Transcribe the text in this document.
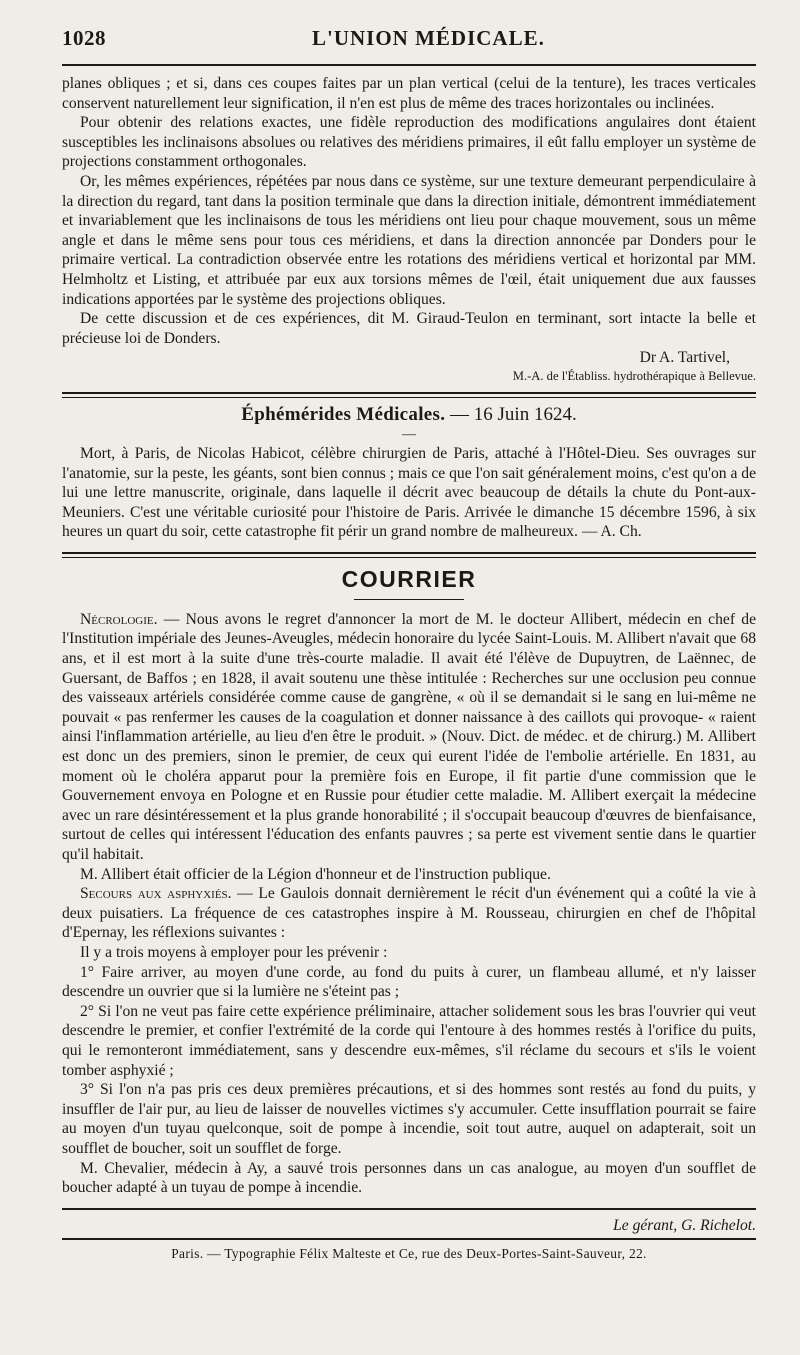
1028	L'UNION MÉDICALE.

planes obliques ; et si, dans ces coupes faites par un plan vertical (celui de la tenture), les traces verticales conservent naturellement leur signification, il n'en est plus de même des traces horizontales ou inclinées.

Pour obtenir des relations exactes, une fidèle reproduction des modifications angulaires dont étaient susceptibles les inclinaisons absolues ou relatives des méridiens primaires, il eût fallu employer un système de projections constamment orthogonales.

Or, les mêmes expériences, répétées par nous dans ce système, sur une texture demeurant perpendiculaire à la direction du regard, tant dans la position terminale que dans la direction initiale, démontrent immédiatement et invariablement que les inclinaisons de tous les méridiens ont lieu pour chaque mouvement, sous un même angle et dans le même sens pour tous ces méridiens, et dans la direction annoncée par Donders pour le primaire vertical. La contradiction observée entre les rotations des méridiens vertical et horizontal par MM. Helmholtz et Listing, et attribuée par eux aux torsions mêmes de l'œil, était uniquement due aux fausses indications apportées par le système des projections obliques.

De cette discussion et de ces expériences, dit M. Giraud-Teulon en terminant, sort intacte la belle et précieuse loi de Donders.

Dr A. Tartivel,
M.-A. de l'Établiss. hydrothérapique à Bellevue.
Éphémérides Médicales. — 16 Juin 1624.
—

Mort, à Paris, de Nicolas Habicot, célèbre chirurgien de Paris, attaché à l'Hôtel-Dieu. Ses ouvrages sur l'anatomie, sur la peste, les géants, sont bien connus ; mais ce que l'on sait généralement moins, c'est qu'on a de lui une lettre manuscrite, originale, dans laquelle il décrit avec beaucoup de détails la chute du Pont-aux-Meuniers. C'est une véritable curiosité pour l'histoire de Paris. Arrivée le dimanche 15 décembre 1596, à six heures un quart du soir, cette catastrophe fit périr un grand nombre de malheureux. — A. Ch.

COURRIER

Nécrologie. — Nous avons le regret d'annoncer la mort de M. le docteur Allibert, médecin en chef de l'Institution impériale des Jeunes-Aveugles, médecin honoraire du lycée Saint-Louis. M. Allibert n'avait que 68 ans, et il est mort à la suite d'une très-courte maladie. Il avait été l'élève de Dupuytren, de Laënnec, de Guersant, de Baffos ; en 1828, il avait soutenu une thèse intitulée : Recherches sur une occlusion peu connue des vaisseaux artériels considérée comme cause de gangrène, « où il se demandait si le sang en lui-même ne pouvait « pas renfermer les causes de la coagulation et donner naissance à des caillots qui provoque- « raient ainsi l'inflammation artérielle, au lieu d'en être le produit. » (Nouv. Dict. de médec. et de chirurg.) M. Allibert est donc un des premiers, sinon le premier, de ceux qui eurent l'idée de l'embolie artérielle. En 1831, au moment où le choléra apparut pour la première fois en Europe, il fit partie d'une commission que le Gouvernement envoya en Pologne et en Russie pour étudier cette maladie. M. Allibert exerçait la médecine avec un rare désintéressement et la plus grande honorabilité ; il s'occupait beaucoup d'œuvres de bienfaisance, surtout de celles qui intéressent l'éducation des enfants pauvres ; sa perte est vivement sentie dans le quartier qu'il habitait.

M. Allibert était officier de la Légion d'honneur et de l'instruction publique.

Secours aux asphyxiés. — Le Gaulois donnait dernièrement le récit d'un événement qui a coûté la vie à deux puisatiers. La fréquence de ces catastrophes inspire à M. Rousseau, chirurgien en chef de l'hôpital d'Epernay, les réflexions suivantes :

Il y a trois moyens à employer pour les prévenir :

1° Faire arriver, au moyen d'une corde, au fond du puits à curer, un flambeau allumé, et n'y laisser descendre un ouvrier que si la lumière ne s'éteint pas ;

2° Si l'on ne veut pas faire cette expérience préliminaire, attacher solidement sous les bras l'ouvrier qui veut descendre le premier, et confier l'extrémité de la corde qui l'entoure à des hommes restés à l'orifice du puits, qui le remonteront immédiatement, sans y descendre eux-mêmes, s'il réclame du secours et s'ils le voient tomber asphyxié ;

3° Si l'on n'a pas pris ces deux premières précautions, et si des hommes sont restés au fond du puits, y insuffler de l'air pur, au lieu de laisser de nouvelles victimes s'y accumuler. Cette insufflation pourrait se faire au moyen d'un tuyau quelconque, soit de pompe à incendie, soit tout autre, auquel on adapterait, soit un soufflet de boucher, soit un soufflet de forge.

M. Chevalier, médecin à Ay, a sauvé trois personnes dans un cas analogue, au moyen d'un soufflet de boucher adapté à un tuyau de pompe à incendie.

Le gérant, G. Richelot.
Paris. — Typographie Félix Malteste et Ce, rue des Deux-Portes-Saint-Sauveur, 22.
